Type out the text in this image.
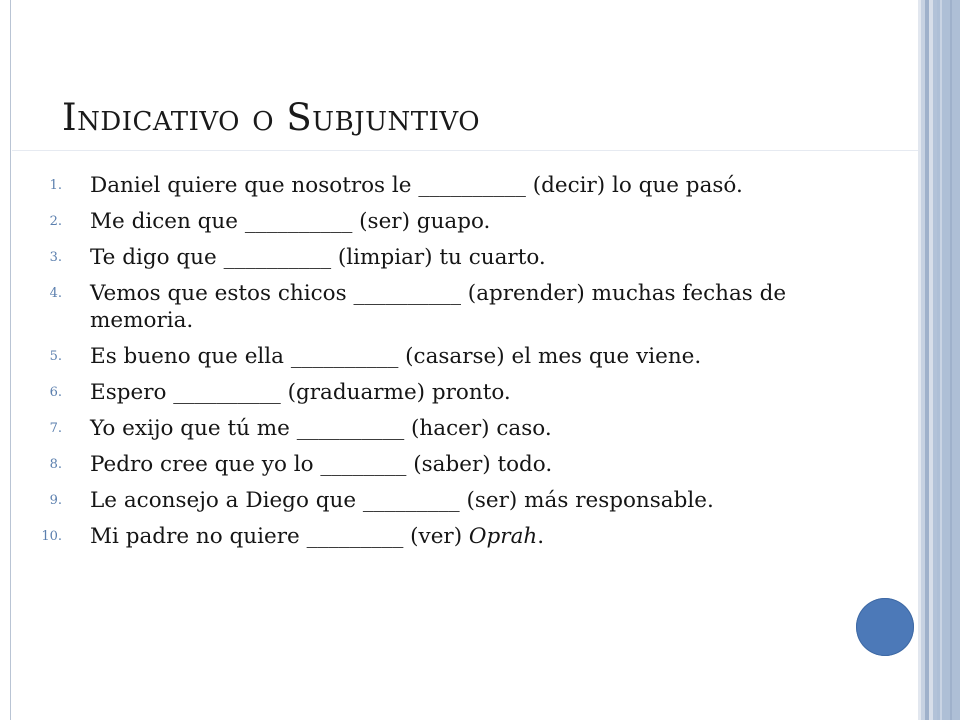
Indicativo o Subjuntivo
1. Daniel quiere que nosotros le __________ (decir) lo que pasó.
2. Me dicen que __________ (ser) guapo.
3. Te digo que __________ (limpiar) tu cuarto.
4. Vemos que estos chicos __________ (aprender) muchas fechas de memoria.
5. Es bueno que ella __________ (casarse) el mes que viene.
6. Espero __________ (graduarme) pronto.
7. Yo exijo que tú me __________ (hacer) caso.
8. Pedro cree que yo lo ________ (saber) todo.
9. Le aconsejo a Diego que _________ (ser) más responsable.
10. Mi padre no quiere _________ (ver) Oprah.
